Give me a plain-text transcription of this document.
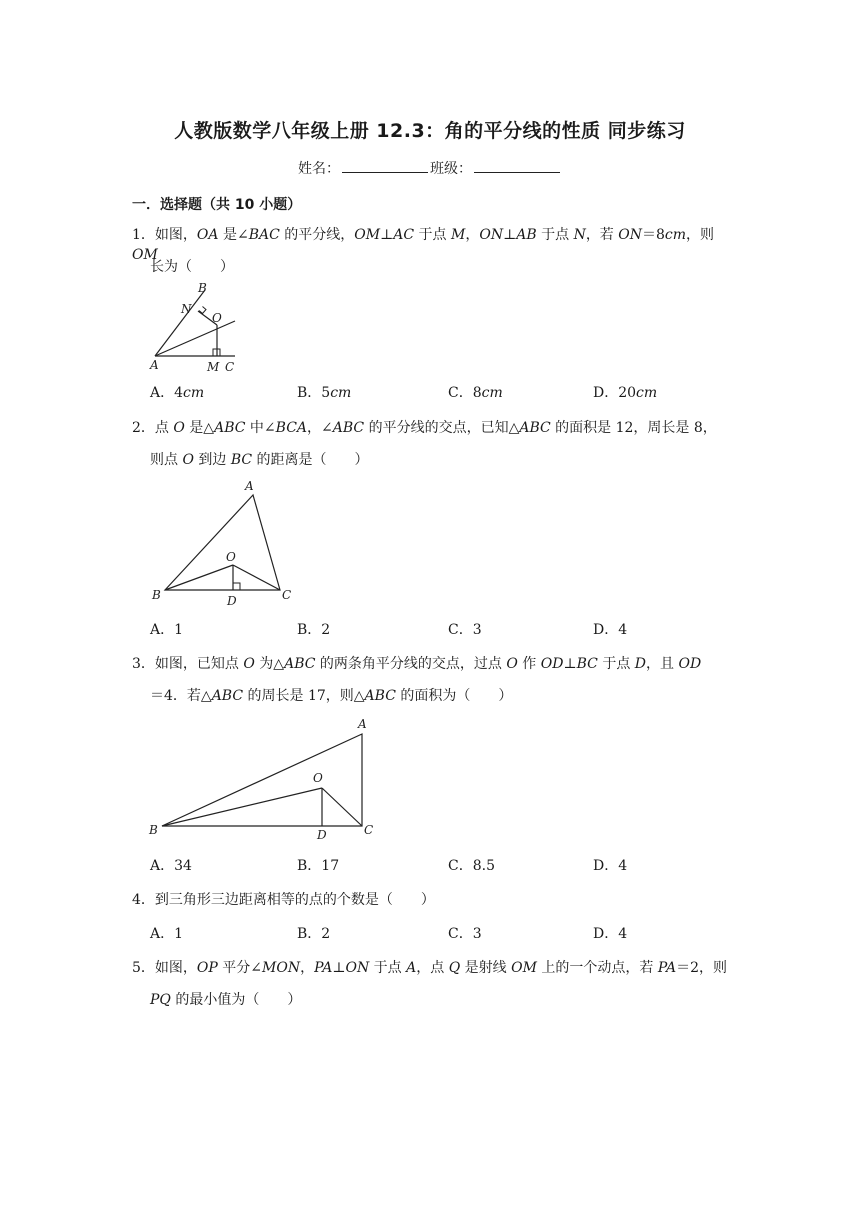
人教版数学八年级上册 12.3：角的平分线的性质 同步练习
姓名：	班级：
一．选择题（共 10 小题）
1．如图，OA 是∠BAC 的平分线，OM⊥AC 于点 M，ON⊥AB 于点 N，若 ON＝8cm，则 OM
长为（　　）
B
N
O
A	M C
A．4cm	B．5cm	C．8cm	D．20cm
2．点 O 是△ABC 中∠BCA，∠ABC 的平分线的交点，已知△ABC 的面积是 12，周长是 8，
则点 O 到边 BC 的距离是（　　）
A
O
B	D	C
A．1	B．2	C．3	D．4
3．如图，已知点 O 为△ABC 的两条角平分线的交点，过点 O 作 OD⊥BC 于点 D，且 OD
＝4．若△ABC 的周长是 17，则△ABC 的面积为（　　）
A
O
B	D	C
A．34	B．17	C．8.5	D．4
4．到三角形三边距离相等的点的个数是（　　）
A．1	B．2	C．3	D．4
5．如图，OP 平分∠MON，PA⊥ON 于点 A，点 Q 是射线 OM 上的一个动点，若 PA＝2，则
PQ 的最小值为（　　）
